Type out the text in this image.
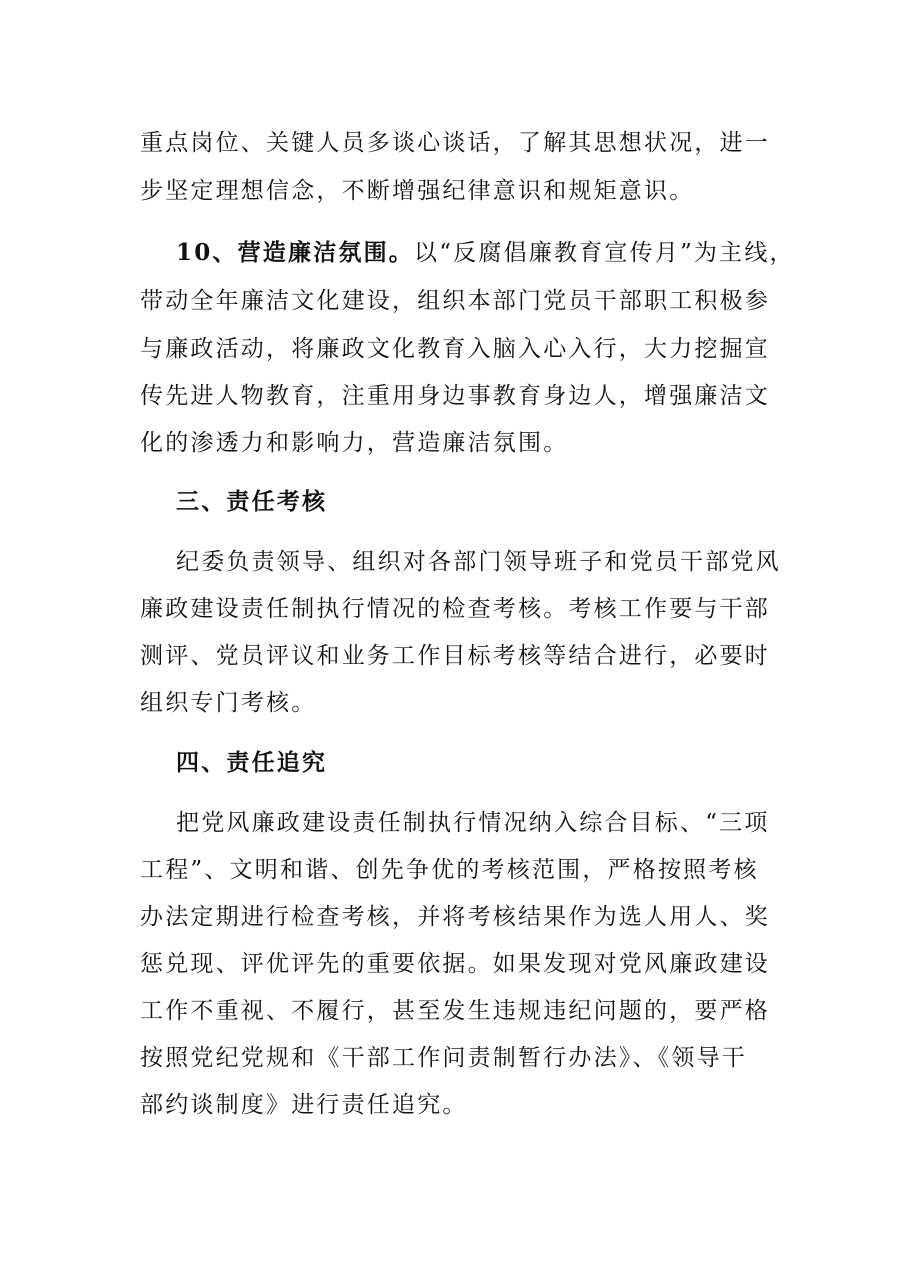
重点岗位、关键人员多谈心谈话，了解其思想状况，进一
步坚定理想信念，不断增强纪律意识和规矩意识。
10、营造廉洁氛围。以“反腐倡廉教育宣传月”为主线，
带动全年廉洁文化建设，组织本部门党员干部职工积极参
与廉政活动，将廉政文化教育入脑入心入行，大力挖掘宣
传先进人物教育，注重用身边事教育身边人，增强廉洁文
化的渗透力和影响力，营造廉洁氛围。
三、责任考核
纪委负责领导、组织对各部门领导班子和党员干部党风
廉政建设责任制执行情况的检查考核。考核工作要与干部
测评、党员评议和业务工作目标考核等结合进行，必要时
组织专门考核。
四、责任追究
把党风廉政建设责任制执行情况纳入综合目标、“三项
工程”、文明和谐、创先争优的考核范围，严格按照考核
办法定期进行检查考核，并将考核结果作为选人用人、奖
惩兑现、评优评先的重要依据。如果发现对党风廉政建设
工作不重视、不履行，甚至发生违规违纪问题的，要严格
按照党纪党规和《干部工作问责制暂行办法》、《领导干
部约谈制度》进行责任追究。
